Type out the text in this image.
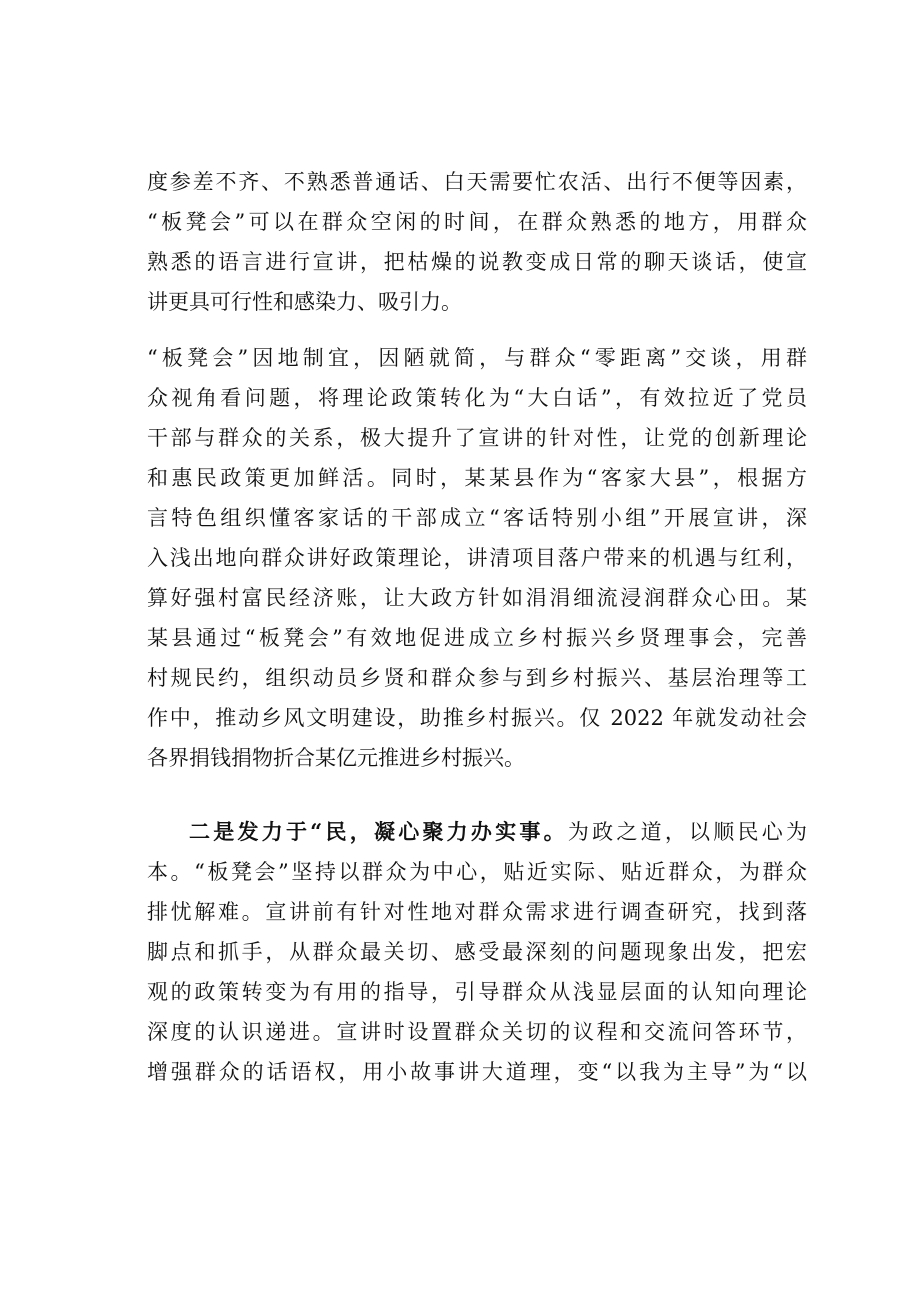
度参差不齐、不熟悉普通话、白天需要忙农活、出行不便等因素，
“板凳会”可以在群众空闲的时间，在群众熟悉的地方，用群众
熟悉的语言进行宣讲，把枯燥的说教变成日常的聊天谈话，使宣
讲更具可行性和感染力、吸引力。
“板凳会”因地制宜，因陋就简，与群众“零距离”交谈，用群
众视角看问题，将理论政策转化为“大白话”，有效拉近了党员
干部与群众的关系，极大提升了宣讲的针对性，让党的创新理论
和惠民政策更加鲜活。同时，某某县作为“客家大县”，根据方
言特色组织懂客家话的干部成立“客话特别小组”开展宣讲，深
入浅出地向群众讲好政策理论，讲清项目落户带来的机遇与红利，
算好强村富民经济账，让大政方针如涓涓细流浸润群众心田。某
某县通过“板凳会”有效地促进成立乡村振兴乡贤理事会，完善
村规民约，组织动员乡贤和群众参与到乡村振兴、基层治理等工
作中，推动乡风文明建设，助推乡村振兴。仅 2022 年就发动社会
各界捐钱捐物折合某亿元推进乡村振兴。
二是发力于“民，凝心聚力办实事。为政之道，以顺民心为
本。“板凳会”坚持以群众为中心，贴近实际、贴近群众，为群众
排忧解难。宣讲前有针对性地对群众需求进行调查研究，找到落
脚点和抓手，从群众最关切、感受最深刻的问题现象出发，把宏
观的政策转变为有用的指导，引导群众从浅显层面的认知向理论
深度的认识递进。宣讲时设置群众关切的议程和交流问答环节，
增强群众的话语权，用小故事讲大道理，变“以我为主导”为“以
